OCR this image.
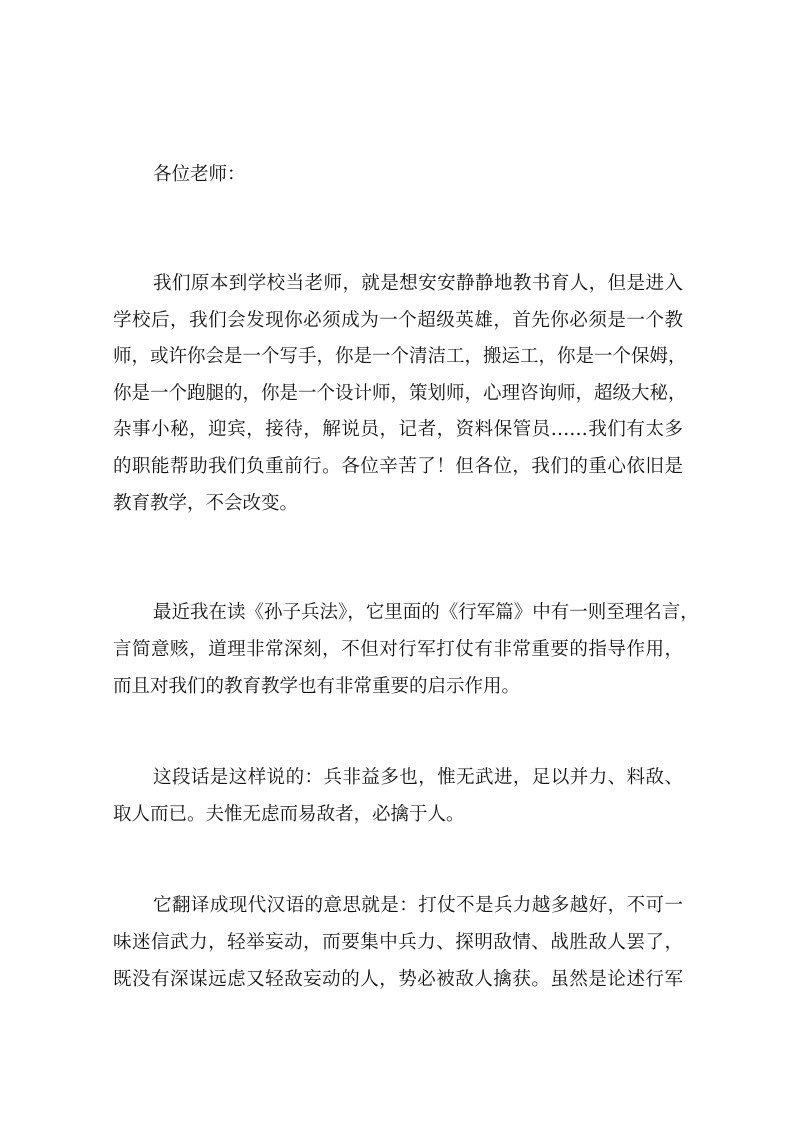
各位老师：
我们原本到学校当老师，就是想安安静静地教书育人，但是进入
学校后，我们会发现你必须成为一个超级英雄，首先你必须是一个教
师，或许你会是一个写手，你是一个清洁工，搬运工，你是一个保姆，
你是一个跑腿的，你是一个设计师，策划师，心理咨询师，超级大秘，
杂事小秘，迎宾，接待，解说员，记者，资料保管员……我们有太多
的职能帮助我们负重前行。各位辛苦了！但各位，我们的重心依旧是
教育教学，不会改变。
最近我在读《孙子兵法》，它里面的《行军篇》中有一则至理名言，
言简意赅，道理非常深刻，不但对行军打仗有非常重要的指导作用，
而且对我们的教育教学也有非常重要的启示作用。
这段话是这样说的：兵非益多也，惟无武进，足以并力、料敌、
取人而已。夫惟无虑而易敌者，必擒于人。
它翻译成现代汉语的意思就是：打仗不是兵力越多越好，不可一
味迷信武力，轻举妄动，而要集中兵力、探明敌情、战胜敌人罢了，
既没有深谋远虑又轻敌妄动的人，势必被敌人擒获。虽然是论述行军
